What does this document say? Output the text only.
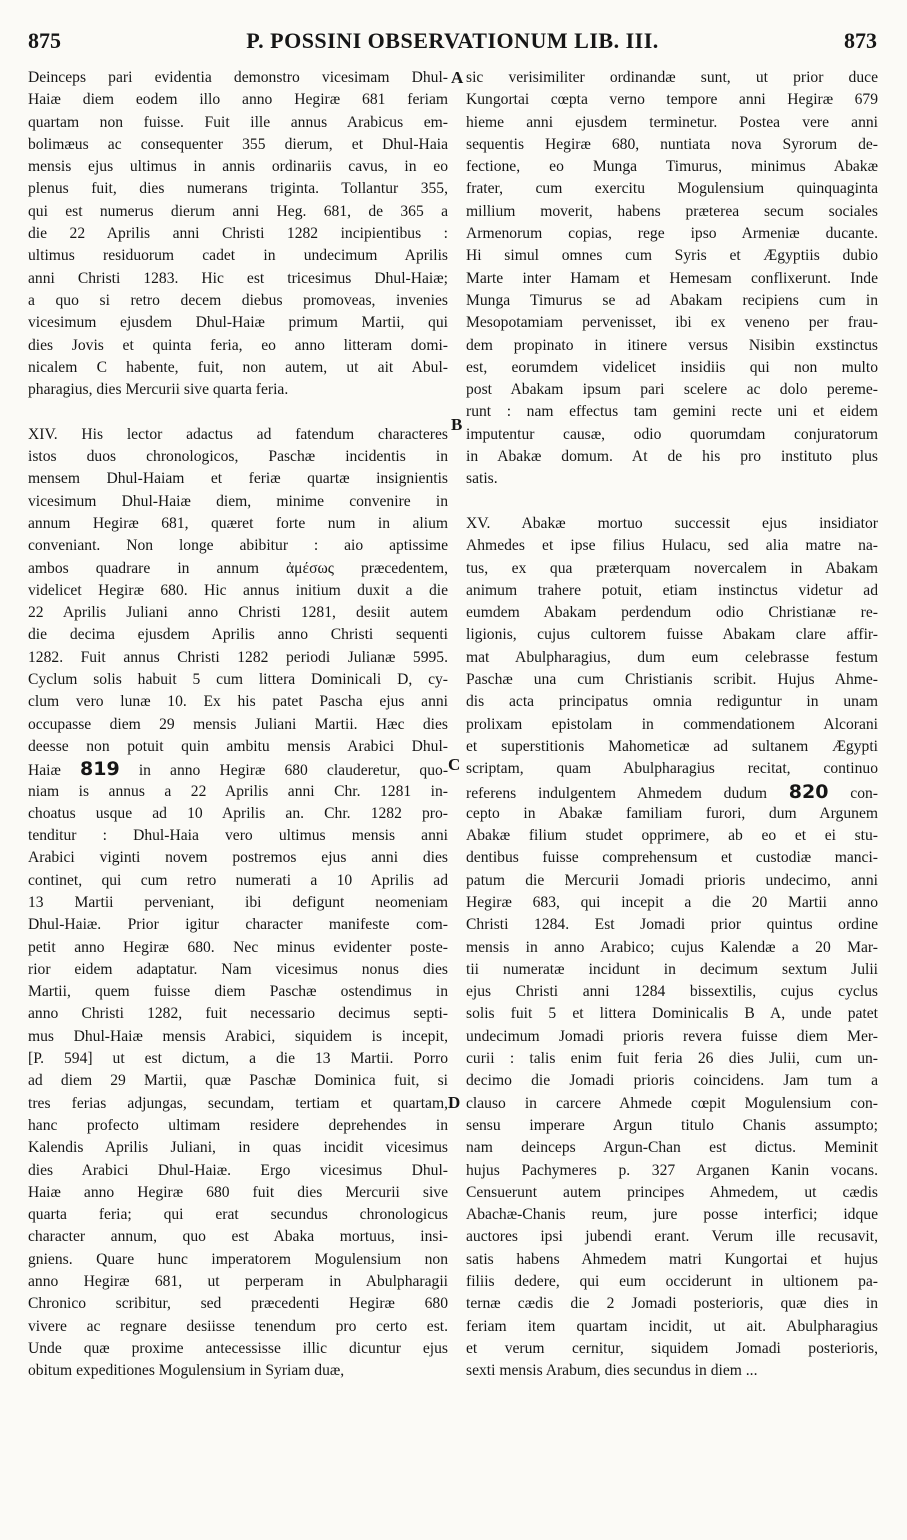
875	P. POSSINI OBSERVATIONUM LIB. III.	873
A
B
C
D
Deinceps pari evidentia demonstro vicesimam Dhul-
Haiæ diem eodem illo anno Hegiræ 681 feriam
quartam non fuisse. Fuit ille annus Arabicus em-
bolimæus ac consequenter 355 dierum, et Dhul-Haia
mensis ejus ultimus in annis ordinariis cavus, in eo
plenus fuit, dies numerans triginta. Tollantur 355,
qui est numerus dierum anni Heg. 681, de 365 a
die 22 Aprilis anni Christi 1282 incipientibus :
ultimus residuorum cadet in undecimum Aprilis
anni Christi 1283. Hic est tricesimus Dhul-Haiæ;
a quo si retro decem diebus promoveas, invenies
vicesimum ejusdem Dhul-Haiæ primum Martii, qui
dies Jovis et quinta feria, eo anno litteram domi-
nicalem C habente, fuit, non autem, ut ait Abul-
pharagius, dies Mercurii sive quarta feria.
XIV. His lector adactus ad fatendum characteres
istos duos chronologicos, Paschæ incidentis in
mensem Dhul-Haiam et feriæ quartæ insignientis
vicesimum Dhul-Haiæ diem, minime convenire in
annum Hegiræ 681, quæret forte num in alium
conveniant. Non longe abibitur : aio aptissime
ambos quadrare in annum ἀμέσως præcedentem,
videlicet Hegiræ 680. Hic annus initium duxit a die
22 Aprilis Juliani anno Christi 1281, desiit autem
die decima ejusdem Aprilis anno Christi sequenti
1282. Fuit annus Christi 1282 periodi Julianæ 5995.
Cyclum solis habuit 5 cum littera Dominicali D, cy-
clum vero lunæ 10. Ex his patet Pascha ejus anni
occupasse diem 29 mensis Juliani Martii. Hæc dies
deesse non potuit quin ambitu mensis Arabici Dhul-
Haiæ 819 in anno Hegiræ 680 clauderetur, quo-
niam is annus a 22 Aprilis anni Chr. 1281 in-
choatus usque ad 10 Aprilis an. Chr. 1282 pro-
tenditur : Dhul-Haia vero ultimus mensis anni
Arabici viginti novem postremos ejus anni dies
continet, qui cum retro numerati a 10 Aprilis ad
13 Martii perveniant, ibi defigunt neomeniam
Dhul-Haiæ. Prior igitur character manifeste com-
petit anno Hegiræ 680. Nec minus evidenter poste-
rior eidem adaptatur. Nam vicesimus nonus dies
Martii, quem fuisse diem Paschæ ostendimus in
anno Christi 1282, fuit necessario decimus septi-
mus Dhul-Haiæ mensis Arabici, siquidem is incepit,
[P. 594] ut est dictum, a die 13 Martii. Porro
ad diem 29 Martii, quæ Paschæ Dominica fuit, si
tres ferias adjungas, secundam, tertiam et quartam,
hanc profecto ultimam residere deprehendes in
Kalendis Aprilis Juliani, in quas incidit vicesimus
dies Arabici Dhul-Haiæ. Ergo vicesimus Dhul-
Haiæ anno Hegiræ 680 fuit dies Mercurii sive
quarta feria; qui erat secundus chronologicus
character annum, quo est Abaka mortuus, insi-
gniens. Quare hunc imperatorem Mogulensium non
anno Hegiræ 681, ut perperam in Abulpharagii
Chronico scribitur, sed præcedenti Hegiræ 680
vivere ac regnare desiisse tenendum pro certo est.
Unde quæ proxime antecessisse illic dicuntur ejus
obitum expeditiones Mogulensium in Syriam duæ,
sic verisimiliter ordinandæ sunt, ut prior duce
Kungortai cœpta verno tempore anni Hegiræ 679
hieme anni ejusdem terminetur. Postea vere anni
sequentis Hegiræ 680, nuntiata nova Syrorum de-
fectione, eo Munga Timurus, minimus Abakæ
frater, cum exercitu Mogulensium quinquaginta
millium moverit, habens præterea secum sociales
Armenorum copias, rege ipso Armeniæ ducante.
Hi simul omnes cum Syris et Ægyptiis dubio
Marte inter Hamam et Hemesam conflixerunt. Inde
Munga Timurus se ad Abakam recipiens cum in
Mesopotamiam pervenisset, ibi ex veneno per frau-
dem propinato in itinere versus Nisibin exstinctus
est, eorumdem videlicet insidiis qui non multo
post Abakam ipsum pari scelere ac dolo pereme-
runt : nam effectus tam gemini recte uni et eidem
imputentur causæ, odio quorumdam conjuratorum
in Abakæ domum. At de his pro instituto plus
satis.
XV. Abakæ mortuo successit ejus insidiator
Ahmedes et ipse filius Hulacu, sed alia matre na-
tus, ex qua præterquam novercalem in Abakam
animum trahere potuit, etiam instinctus videtur ad
eumdem Abakam perdendum odio Christianæ re-
ligionis, cujus cultorem fuisse Abakam clare affir-
mat Abulpharagius, dum eum celebrasse festum
Paschæ una cum Christianis scribit. Hujus Ahme-
dis acta principatus omnia rediguntur in unam
prolixam epistolam in commendationem Alcorani
et superstitionis Mahometicæ ad sultanem Ægypti
scriptam, quam Abulpharagius recitat, continuo
referens indulgentem Ahmedem dudum 820 con-
cepto in Abakæ familiam furori, dum Argunem
Abakæ filium studet opprimere, ab eo et ei stu-
dentibus fuisse comprehensum et custodiæ manci-
patum die Mercurii Jomadi prioris undecimo, anni
Hegiræ 683, qui incepit a die 20 Martii anno
Christi 1284. Est Jomadi prior quintus ordine
mensis in anno Arabico; cujus Kalendæ a 20 Mar-
tii numeratæ incidunt in decimum sextum Julii
ejus Christi anni 1284 bissextilis, cujus cyclus
solis fuit 5 et littera Dominicalis B A, unde patet
undecimum Jomadi prioris revera fuisse diem Mer-
curii : talis enim fuit feria 26 dies Julii, cum un-
decimo die Jomadi prioris coincidens. Jam tum a
clauso in carcere Ahmede cœpit Mogulensium con-
sensu imperare Argun titulo Chanis assumpto;
nam deinceps Argun-Chan est dictus. Meminit
hujus Pachymeres p. 327 Arganen Kanin vocans.
Censuerunt autem principes Ahmedem, ut cædis
Abachæ-Chanis reum, jure posse interfici; idque
auctores ipsi jubendi erant. Verum ille recusavit,
satis habens Ahmedem matri Kungortai et hujus
filiis dedere, qui eum occiderunt in ultionem pa-
ternæ cædis die 2 Jomadi posterioris, quæ dies in
feriam item quartam incidit, ut ait. Abulpharagius
et verum cernitur, siquidem Jomadi posterioris,
sexti mensis Arabum, dies secundus in diem ...
